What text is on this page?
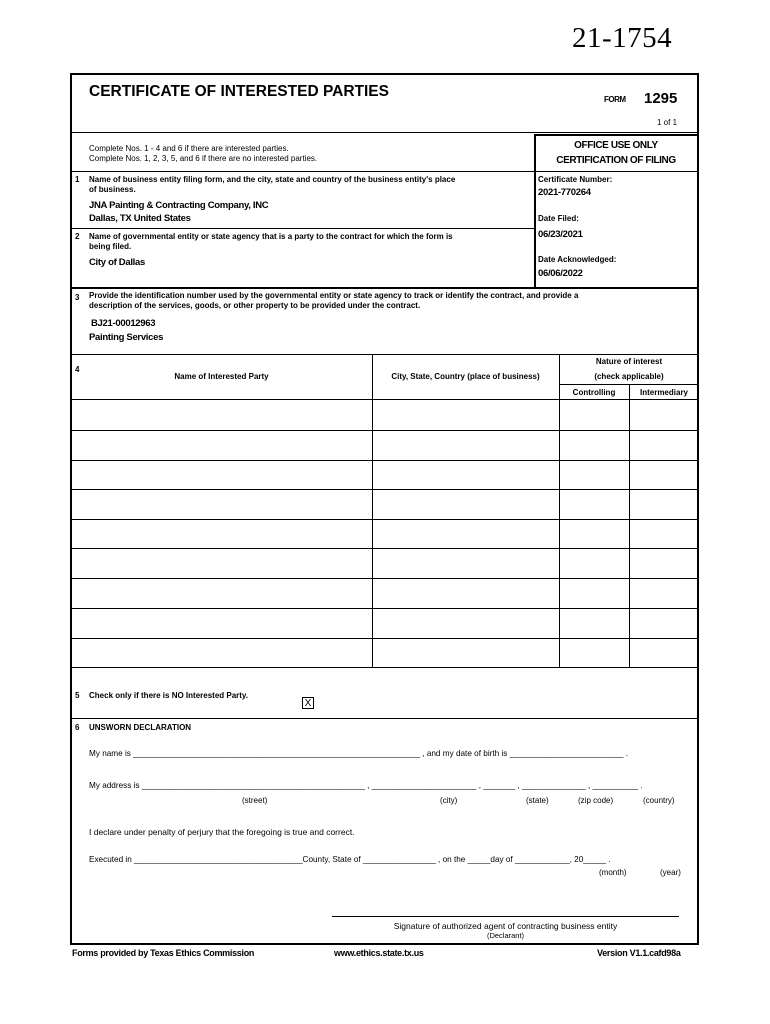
21-1754
CERTIFICATE OF INTERESTED PARTIES	FORM 1295
1 of 1
Complete Nos. 1 - 4 and 6 if there are interested parties.
Complete Nos. 1, 2, 3, 5, and 6 if there are no interested parties.
OFFICE USE ONLY
CERTIFICATION OF FILING
Certificate Number:
2021-770264
Date Filed:
06/23/2021
Date Acknowledged:
06/06/2022
1 Name of business entity filing form, and the city, state and country of the business entity's place
of business.
JNA Painting & Contracting Company, INC
Dallas, TX United States
2 Name of governmental entity or state agency that is a party to the contract for which the form is
being filed.
City of Dallas
3 Provide the identification number used by the governmental entity or state agency to track or identify the contract, and provide a
description of the services, goods, or other property to be provided under the contract.
BJ21-00012963
Painting Services
4
Name of Interested Party	City, State, Country (place of business)
Nature of interest
(check applicable)
Controlling	Intermediary
5 Check only if there is NO Interested Party.
X
6 UNSWORN DECLARATION
My name is _______________________________________________________________ , and my date of birth is _________________________ .
My address is _________________________________________________ , _______________________ , _______ , ______________ , __________ .
(street)	(city)	(state)	(zip code)	(country)
I declare under penalty of perjury that the foregoing is true and correct.
Executed in _____________________________________County, State of ________________ , on the _____day of ____________, 20_____ .
(month)	(year)
Signature of authorized agent of contracting business entity
(Declarant)
Forms provided by Texas Ethics Commission	www.ethics.state.tx.us	Version V1.1.cafd98a
